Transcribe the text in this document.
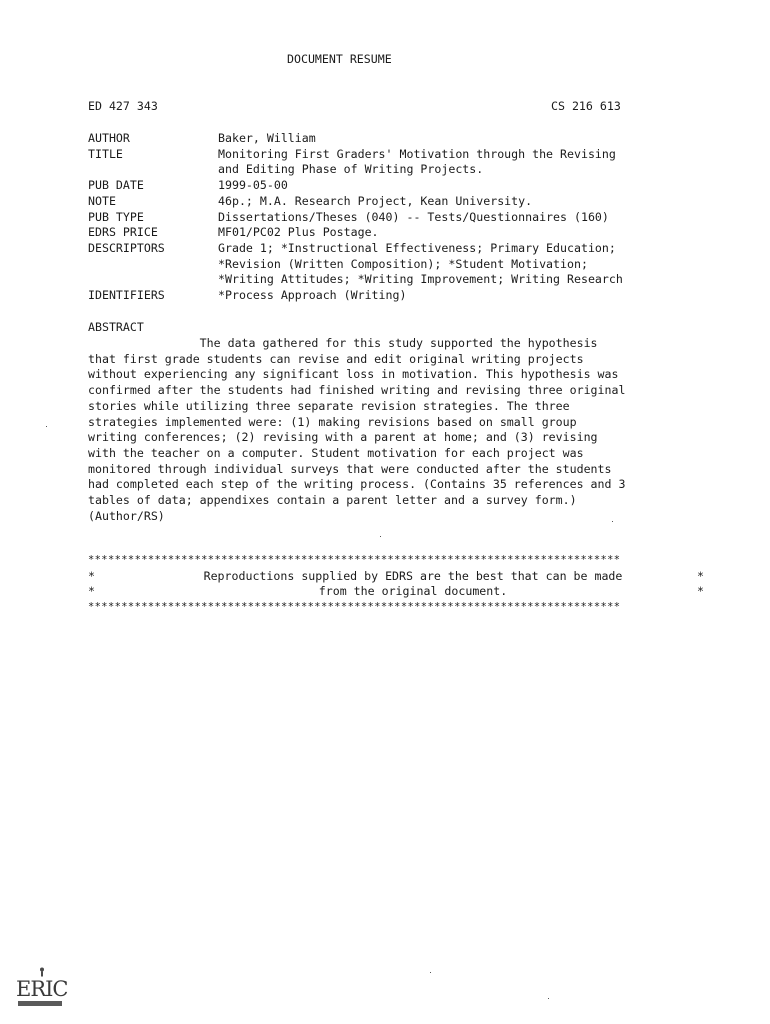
DOCUMENT RESUME
ED 427 343	CS 216 613
AUTHOR	Baker, William
TITLE	Monitoring First Graders' Motivation through the Revising
and Editing Phase of Writing Projects.
PUB DATE	1999-05-00
NOTE	46p.; M.A. Research Project, Kean University.
PUB TYPE	Dissertations/Theses (040) -- Tests/Questionnaires (160)
EDRS PRICE	MF01/PC02 Plus Postage.
DESCRIPTORS	Grade 1; *Instructional Effectiveness; Primary Education;
*Revision (Written Composition); *Student Motivation;
*Writing Attitudes; *Writing Improvement; Writing Research
IDENTIFIERS	*Process Approach (Writing)
ABSTRACT
The data gathered for this study supported the hypothesis
that first grade students can revise and edit original writing projects
without experiencing any significant loss in motivation. This hypothesis was
confirmed after the students had finished writing and revising three original
stories while utilizing three separate revision strategies. The three
strategies implemented were: (1) making revisions based on small group
writing conferences; (2) revising with a parent at home; and (3) revising
with the teacher on a computer. Student motivation for each project was
monitored through individual surveys that were conducted after the students
had completed each step of the writing process. (Contains 35 references and 3
tables of data; appendixes contain a parent letter and a survey form.)
(Author/RS)
********************************************************************************
*	Reproductions supplied by EDRS are the best that can be made	*
*	from the original document.	*
********************************************************************************
ERIC
